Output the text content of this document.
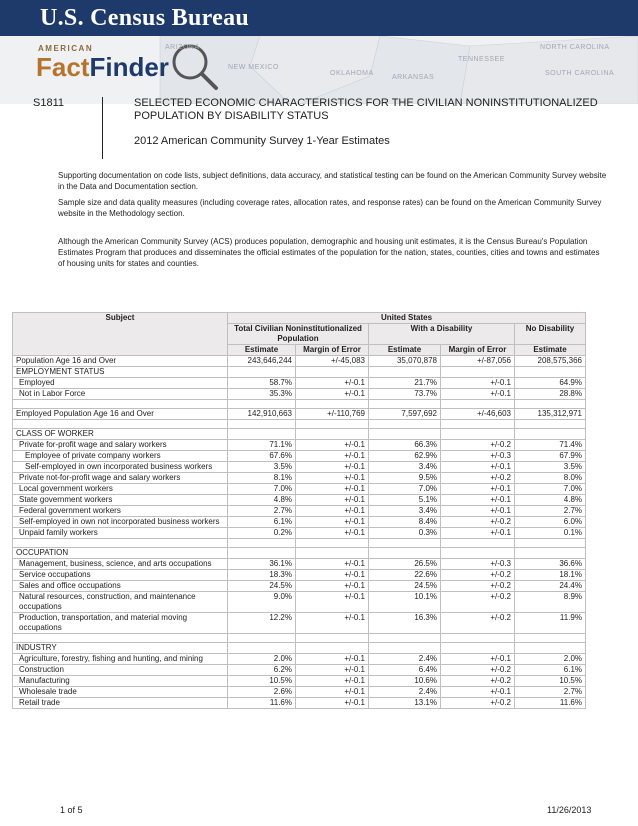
U.S. Census Bureau
ARIZONA
NEW MEXICO
OKLAHOMA
ARKANSAS
TENNESSEE
NORTH CAROLINA
SOUTH CAROLINA
AMERICAN
FactFinder
S1811	SELECTED ECONOMIC CHARACTERISTICS FOR THE CIVILIAN NONINSTITUTIONALIZED POPULATION BY DISABILITY STATUS
2012 American Community Survey 1-Year Estimates
Supporting documentation on code lists, subject definitions, data accuracy, and statistical testing can be found on the American Community Survey website in the Data and Documentation section.
Sample size and data quality measures (including coverage rates, allocation rates, and response rates) can be found on the American Community Survey website in the Methodology section.
Although the American Community Survey (ACS) produces population, demographic and housing unit estimates, it is the Census Bureau's Population Estimates Program that produces and disseminates the official estimates of the population for the nation, states, counties, cities and towns and estimates of housing units for states and counties.
Subject	United States				
	Total Civilian Noninstitutionalized Population		With a Disability		No Disability
	Estimate	Margin of Error	Estimate	Margin of Error	Estimate
Population Age 16 and Over	243,646,244	+/-45,083	35,070,878	+/-87,056	208,575,366
EMPLOYMENT STATUS					
Employed	58.7%	+/-0.1	21.7%	+/-0.1	64.9%
Not in Labor Force	35.3%	+/-0.1	73.7%	+/-0.1	28.8%

Employed Population Age 16 and Over	142,910,663	+/-110,769	7,597,692	+/-46,603	135,312,971

CLASS OF WORKER					
Private for-profit wage and salary workers	71.1%	+/-0.1	66.3%	+/-0.2	71.4%
Employee of private company workers	67.6%	+/-0.1	62.9%	+/-0.3	67.9%
Self-employed in own incorporated business workers	3.5%	+/-0.1	3.4%	+/-0.1	3.5%
Private not-for-profit wage and salary workers	8.1%	+/-0.1	9.5%	+/-0.2	8.0%
Local government workers	7.0%	+/-0.1	7.0%	+/-0.1	7.0%
State government workers	4.8%	+/-0.1	5.1%	+/-0.1	4.8%
Federal government workers	2.7%	+/-0.1	3.4%	+/-0.1	2.7%
Self-employed in own not incorporated business workers	6.1%	+/-0.1	8.4%	+/-0.2	6.0%
Unpaid family workers	0.2%	+/-0.1	0.3%	+/-0.1	0.1%

OCCUPATION					
Management, business, science, and arts occupations	36.1%	+/-0.1	26.5%	+/-0.3	36.6%
Service occupations	18.3%	+/-0.1	22.6%	+/-0.2	18.1%
Sales and office occupations	24.5%	+/-0.1	24.5%	+/-0.2	24.4%
Natural resources, construction, and maintenance occupations	9.0%	+/-0.1	10.1%	+/-0.2	8.9%
Production, transportation, and material moving occupations	12.2%	+/-0.1	16.3%	+/-0.2	11.9%

INDUSTRY					
Agriculture, forestry, fishing and hunting, and mining	2.0%	+/-0.1	2.4%	+/-0.1	2.0%
Construction	6.2%	+/-0.1	6.4%	+/-0.2	6.1%
Manufacturing	10.5%	+/-0.1	10.6%	+/-0.2	10.5%
Wholesale trade	2.6%	+/-0.1	2.4%	+/-0.1	2.7%
Retail trade	11.6%	+/-0.1	13.1%	+/-0.2	11.6%
1 of 5	11/26/2013
